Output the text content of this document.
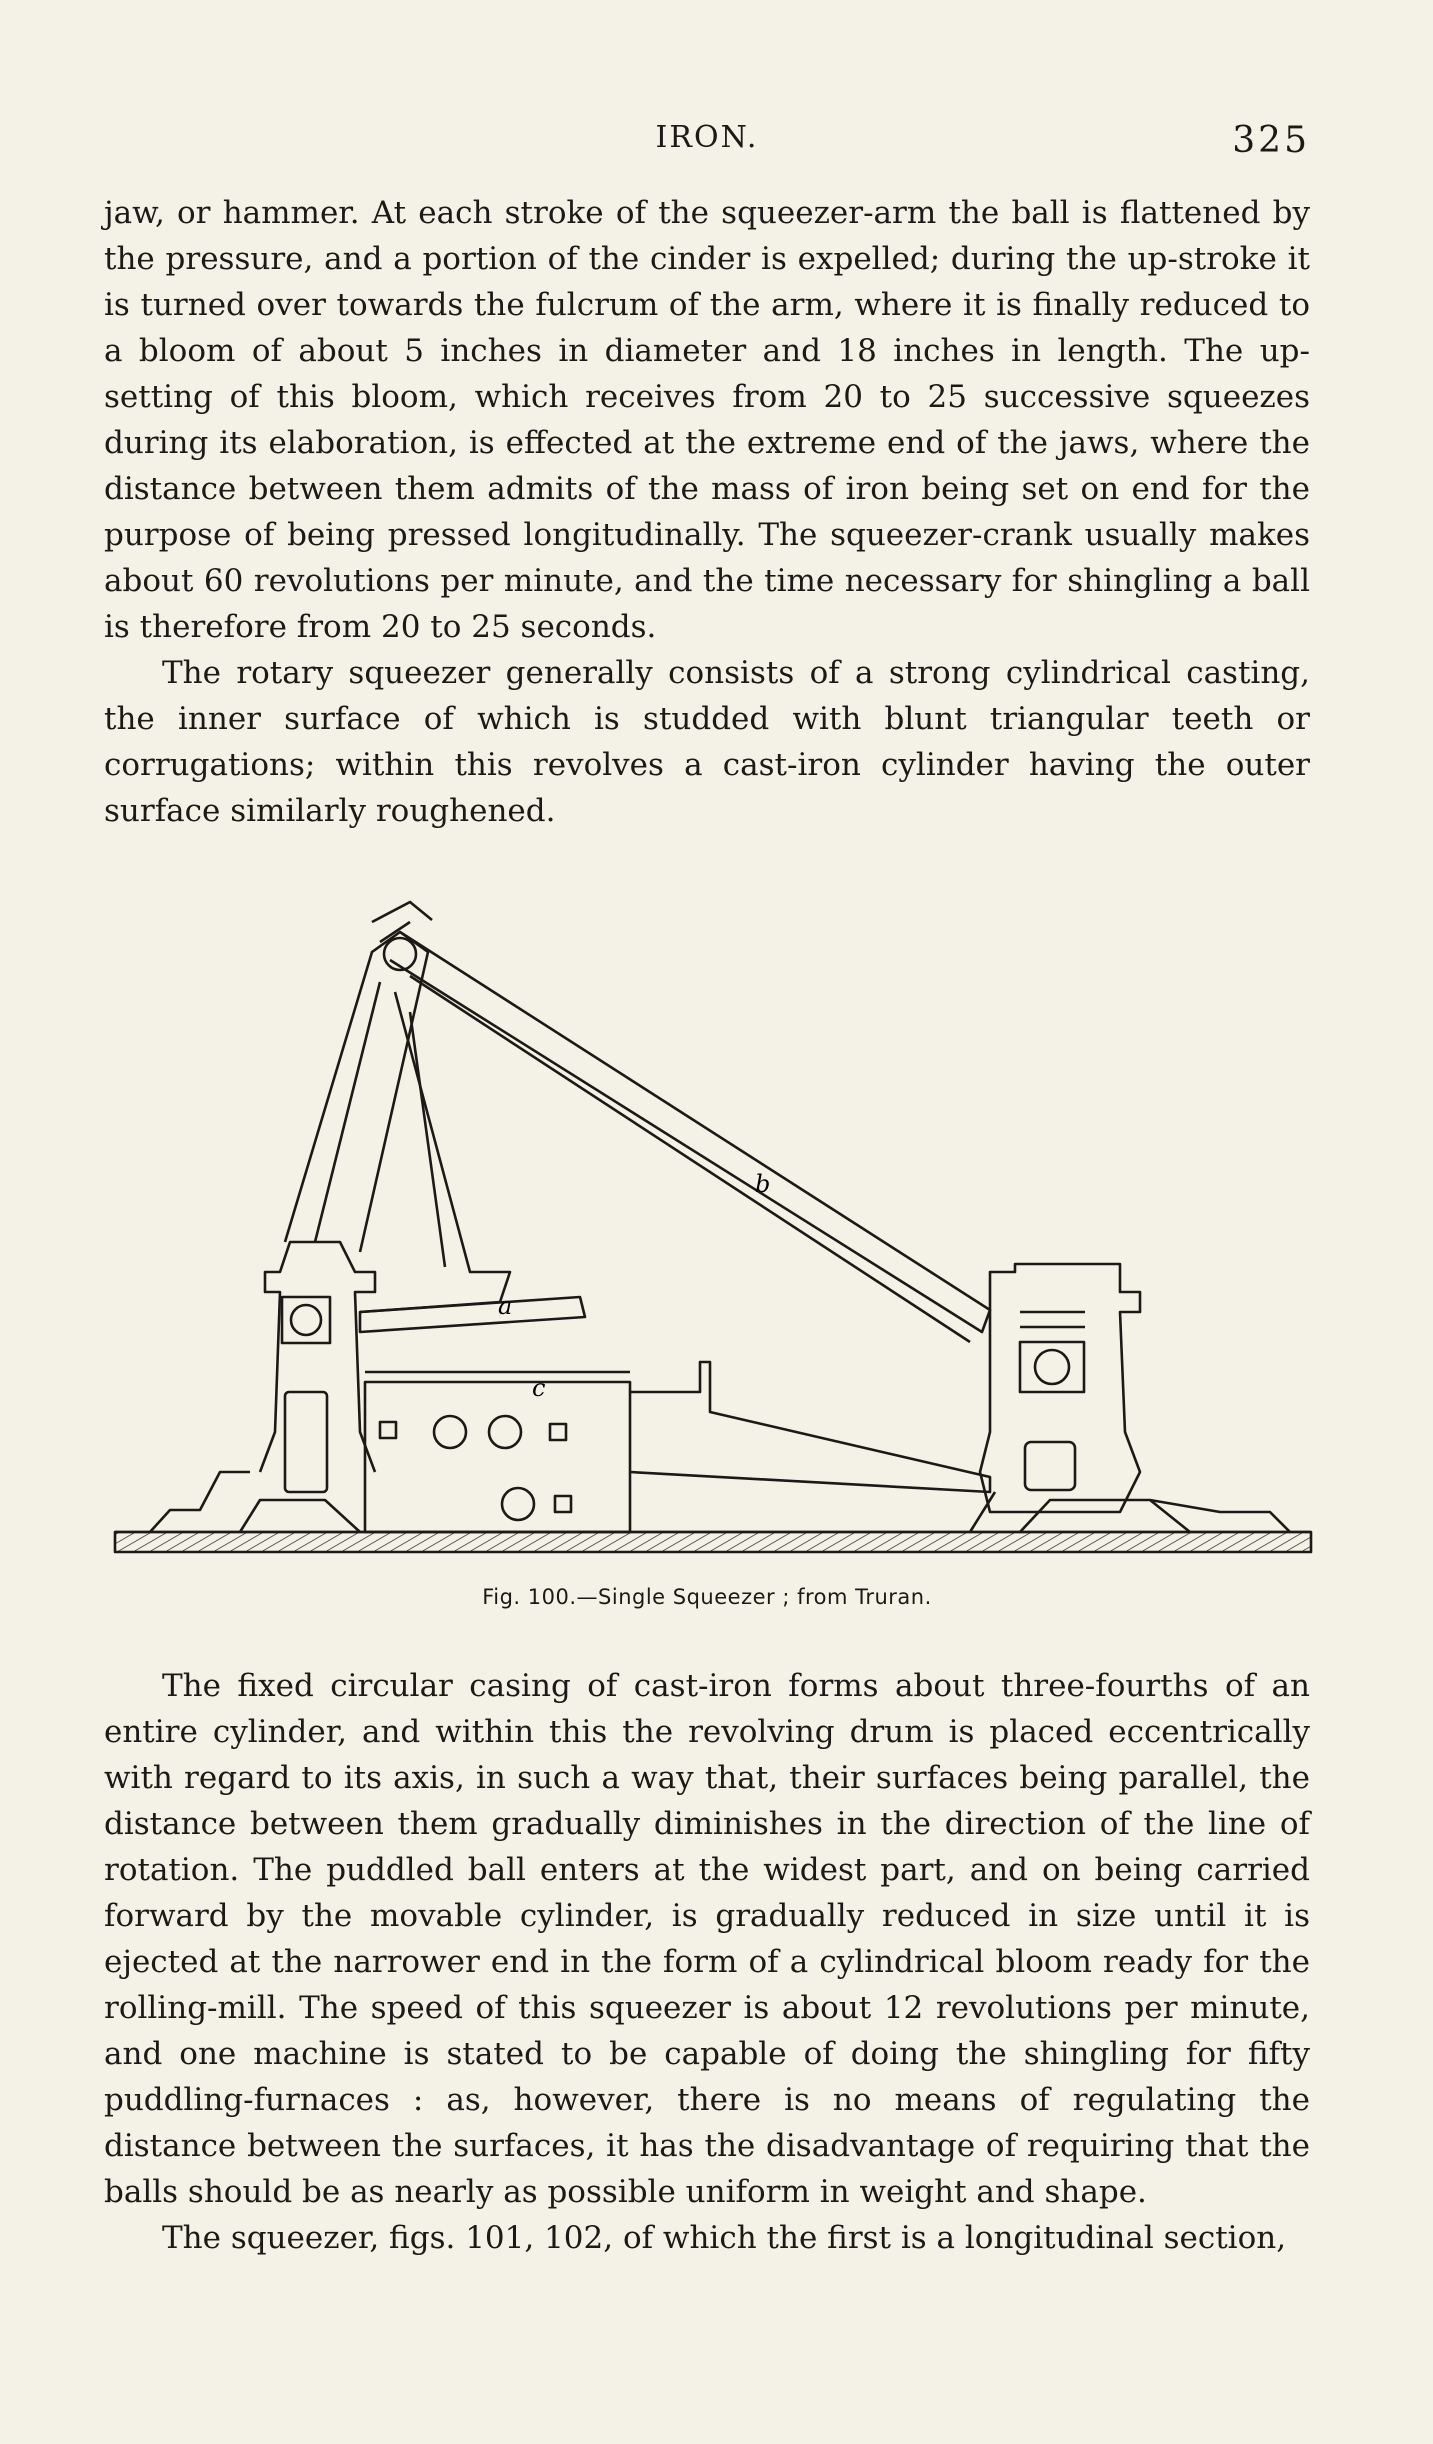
IRON.	325

jaw, or hammer. At each stroke of the squeezer-arm the ball is flattened by the pressure, and a portion of the cinder is expelled; during the up-stroke it is turned over towards the fulcrum of the arm, where it is finally reduced to a bloom of about 5 inches in diameter and 18 inches in length. The up-setting of this bloom, which receives from 20 to 25 successive squeezes during its elaboration, is effected at the extreme end of the jaws, where the distance between them admits of the mass of iron being set on end for the purpose of being pressed longitudinally. The squeezer-crank usually makes about 60 revolutions per minute, and the time necessary for shingling a ball is therefore from 20 to 25 seconds.

The rotary squeezer generally consists of a strong cylindrical casting, the inner surface of which is studded with blunt triangular teeth or corrugations; within this revolves a cast-iron cylinder having the outer surface similarly roughened.

a
b
c
Fig. 100.—Single Squeezer ; from Truran.

The fixed circular casing of cast-iron forms about three-fourths of an entire cylinder, and within this the revolving drum is placed eccentrically with regard to its axis, in such a way that, their surfaces being parallel, the distance between them gradually diminishes in the direction of the line of rotation. The puddled ball enters at the widest part, and on being carried forward by the movable cylinder, is gradually reduced in size until it is ejected at the narrower end in the form of a cylindrical bloom ready for the rolling-mill. The speed of this squeezer is about 12 revolutions per minute, and one machine is stated to be capable of doing the shingling for fifty puddling-furnaces : as, however, there is no means of regulating the distance between the surfaces, it has the disadvantage of requiring that the balls should be as nearly as possible uniform in weight and shape.

The squeezer, figs. 101, 102, of which the first is a longitudinal section,
